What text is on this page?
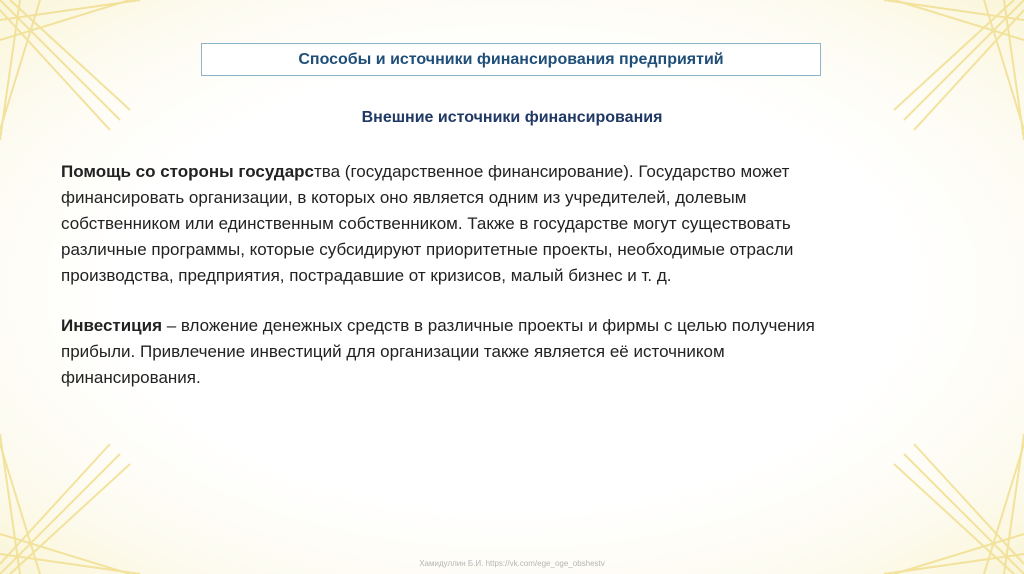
Способы и источники финансирования предприятий
Внешние источники финансирования
Помощь со стороны государства (государственное финансирование). Государство может
финансировать организации, в которых оно является одним из учредителей, долевым
собственником или единственным собственником. Также в государстве могут существовать
различные программы, которые субсидируют приоритетные проекты, необходимые отрасли
производства, предприятия, пострадавшие от кризисов, малый бизнес и т. д.
Инвестиция – вложение денежных средств в различные проекты и фирмы с целью получения
прибыли. Привлечение инвестиций для организации также является её источником
финансирования.
Хамидуллин Б.И. https://vk.com/ege_oge_obshestv
